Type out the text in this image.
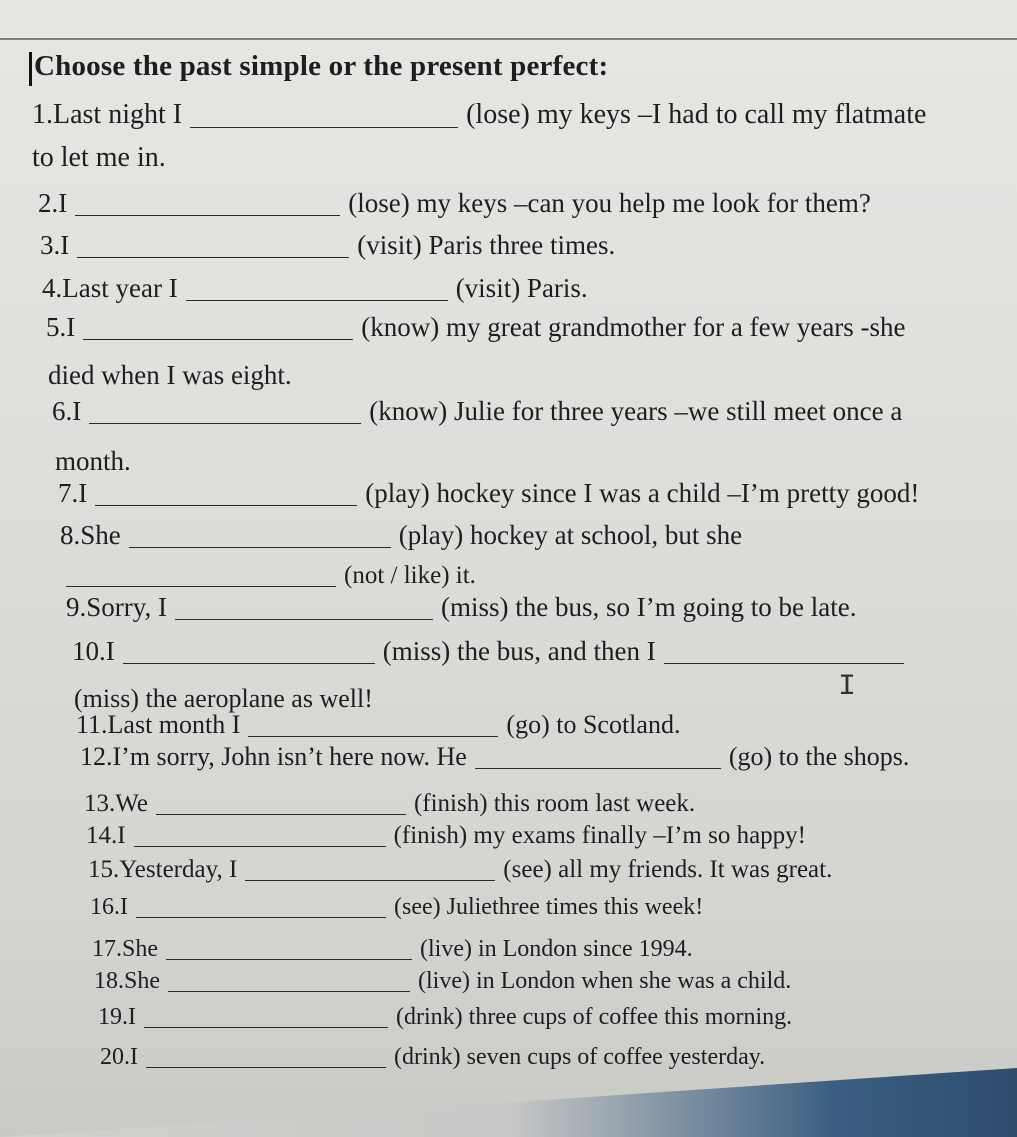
Choose the past simple or the present perfect:
1. Last night I	(lose) my keys –I had to call my flatmate
to let me in.
2. I	(lose) my keys –can you help me look for them?
3. I	(visit) Paris three times.
4. Last year I	(visit) Paris.
5. I	(know) my great grandmother for a few years -she
died when I was eight.
6. I	(know) Julie for three years –we still meet once a
month.
7. I	(play) hockey since I was a child –I’m pretty good!
8. She	(play) hockey at school, but she
(not / like) it.
9. Sorry, I	(miss) the bus, so I’m going to be late.
10. I	(miss) the bus, and then I
(miss) the aeroplane as well!	I
11. Last month I	(go) to Scotland.
12. I’m sorry, John isn’t here now. He	(go) to the shops.
13. We	(finish) this room last week.
14. I	(finish) my exams finally –I’m so happy!
15. Yesterday, I	(see) all my friends. It was great.
16. I	(see) Juliethree times this week!
17. She	(live) in London since 1994.
18. She	(live) in London when she was a child.
19. I	(drink) three cups of coffee this morning.
20. I	(drink) seven cups of coffee yesterday.
